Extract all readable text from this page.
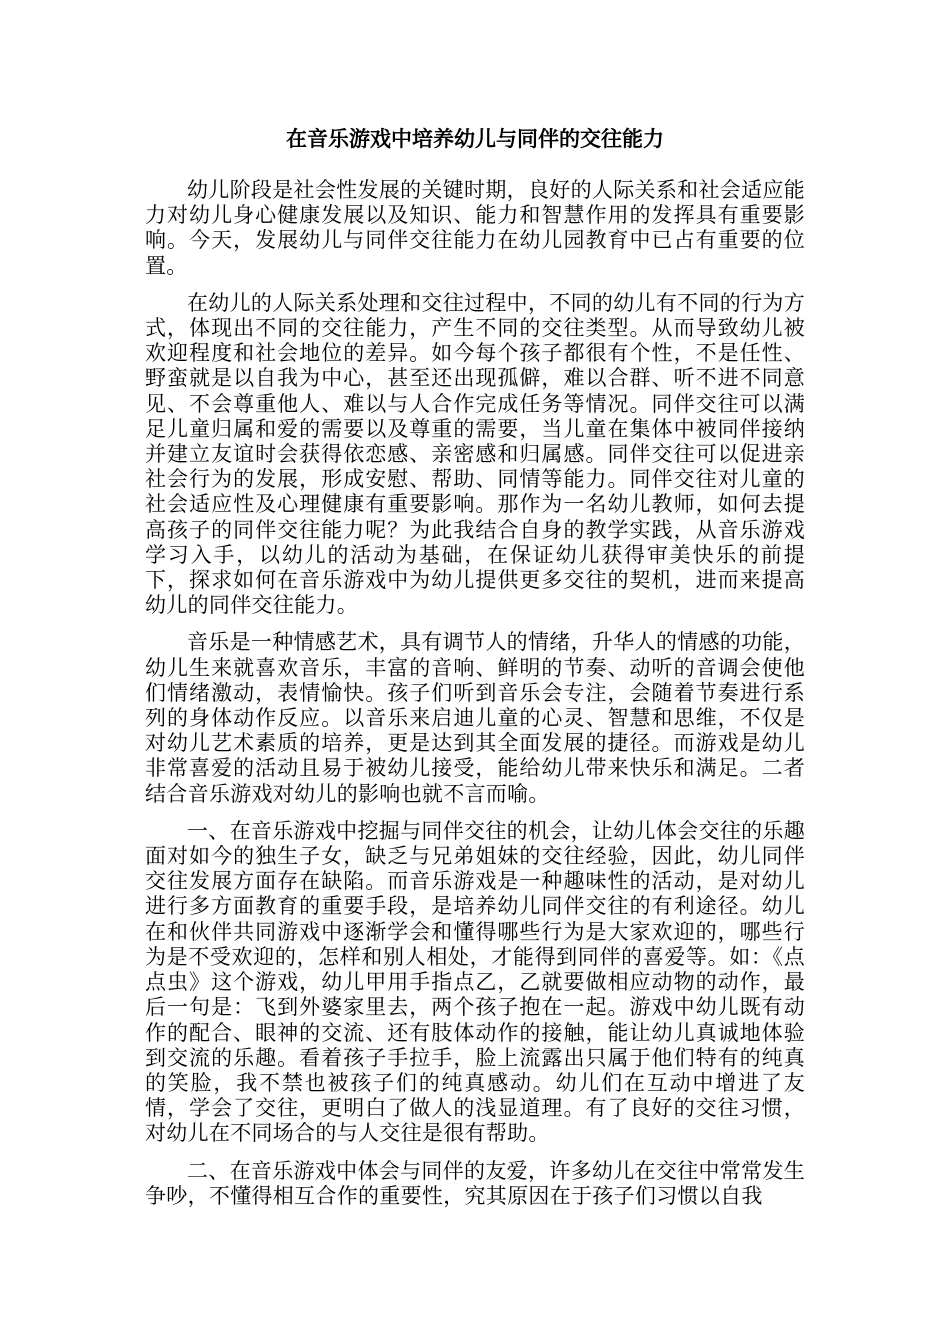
在音乐游戏中培养幼儿与同伴的交往能力

幼儿阶段是社会性发展的关键时期，良好的人际关系和社会适应能力对幼儿身心健康发展以及知识、能力和智慧作用的发挥具有重要影响。今天，发展幼儿与同伴交往能力在幼儿园教育中已占有重要的位置。

在幼儿的人际关系处理和交往过程中，不同的幼儿有不同的行为方式，体现出不同的交往能力，产生不同的交往类型。从而导致幼儿被欢迎程度和社会地位的差异。如今每个孩子都很有个性，不是任性、野蛮就是以自我为中心，甚至还出现孤僻，难以合群、听不进不同意见、不会尊重他人、难以与人合作完成任务等情况。同伴交往可以满足儿童归属和爱的需要以及尊重的需要，当儿童在集体中被同伴接纳并建立友谊时会获得依恋感、亲密感和归属感。同伴交往可以促进亲社会行为的发展，形成安慰、帮助、同情等能力。同伴交往对儿童的社会适应性及心理健康有重要影响。那作为一名幼儿教师，如何去提高孩子的同伴交往能力呢？为此我结合自身的教学实践，从音乐游戏学习入手，以幼儿的活动为基础，在保证幼儿获得审美快乐的前提下，探求如何在音乐游戏中为幼儿提供更多交往的契机，进而来提高幼儿的同伴交往能力。

音乐是一种情感艺术，具有调节人的情绪，升华人的情感的功能，幼儿生来就喜欢音乐，丰富的音响、鲜明的节奏、动听的音调会使他们情绪激动，表情愉快。孩子们听到音乐会专注，会随着节奏进行系列的身体动作反应。以音乐来启迪儿童的心灵、智慧和思维，不仅是对幼儿艺术素质的培养，更是达到其全面发展的捷径。而游戏是幼儿非常喜爱的活动且易于被幼儿接受，能给幼儿带来快乐和满足。二者结合音乐游戏对幼儿的影响也就不言而喻。

一、在音乐游戏中挖掘与同伴交往的机会，让幼儿体会交往的乐趣面对如今的独生子女，缺乏与兄弟姐妹的交往经验，因此，幼儿同伴交往发展方面存在缺陷。而音乐游戏是一种趣味性的活动，是对幼儿进行多方面教育的重要手段，是培养幼儿同伴交往的有利途径。幼儿在和伙伴共同游戏中逐渐学会和懂得哪些行为是大家欢迎的，哪些行为是不受欢迎的，怎样和别人相处，才能得到同伴的喜爱等。如：《点点虫》这个游戏，幼儿甲用手指点乙，乙就要做相应动物的动作，最后一句是：飞到外婆家里去，两个孩子抱在一起。游戏中幼儿既有动作的配合、眼神的交流、还有肢体动作的接触，能让幼儿真诚地体验到交流的乐趣。看着孩子手拉手，脸上流露出只属于他们特有的纯真的笑脸，我不禁也被孩子们的纯真感动。幼儿们在互动中增进了友情，学会了交往，更明白了做人的浅显道理。有了良好的交往习惯，对幼儿在不同场合的与人交往是很有帮助。

二、在音乐游戏中体会与同伴的友爱，许多幼儿在交往中常常发生争吵，不懂得相互合作的重要性，究其原因在于孩子们习惯以自我
